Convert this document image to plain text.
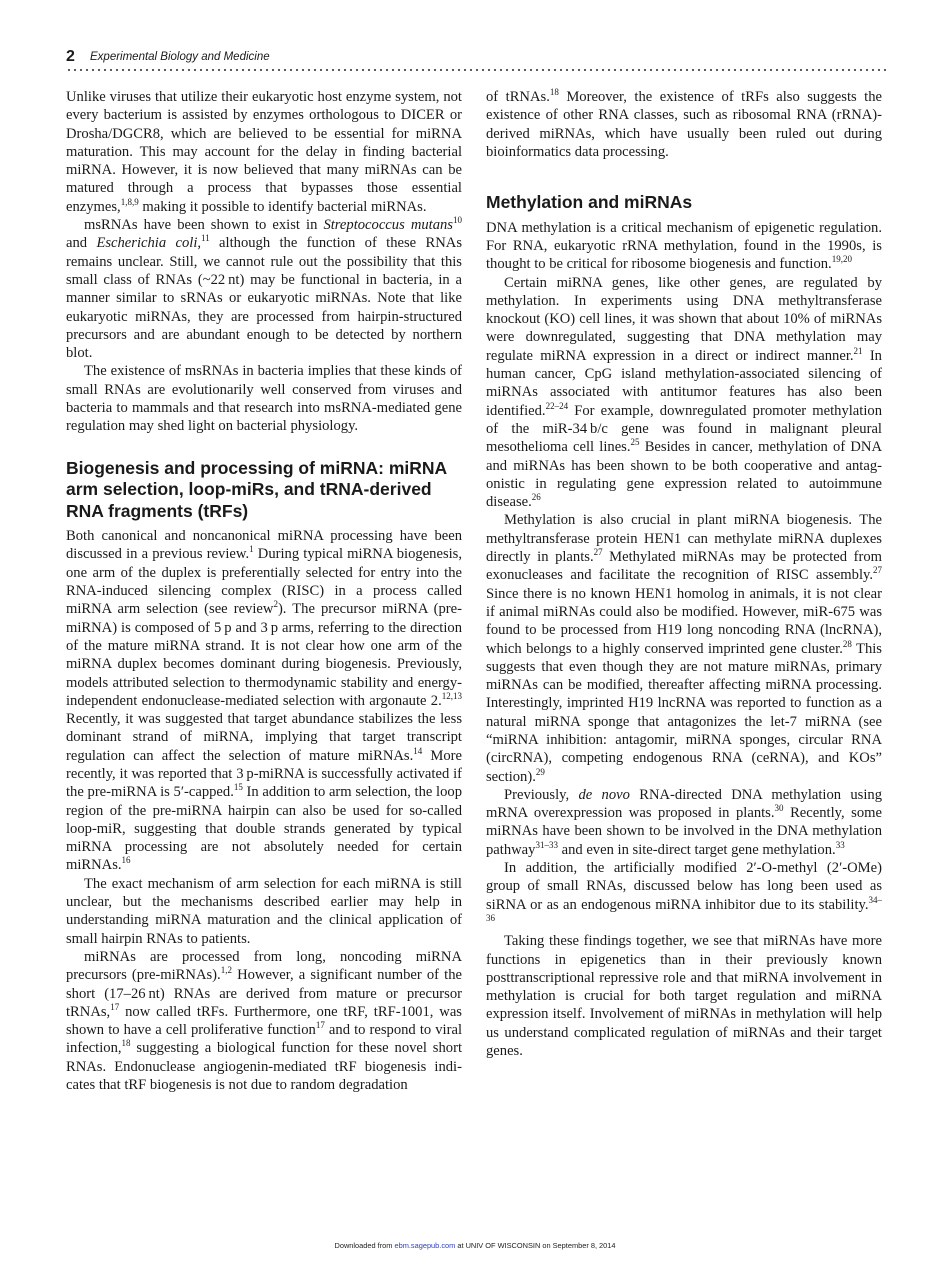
2 Experimental Biology and Medicine

Unlike viruses that utilize their eukaryotic host enzyme system, not every bacterium is assisted by enzymes orthologous to DICER or Drosha/DGCR8, which are believed to be essential for miRNA maturation. This may account for the delay in finding bacterial miRNA. However, it is now believed that many miRNAs can be matured through a process that bypasses those essential enzymes,$^{1,8,9}$ making it possible to identify bacterial miRNAs.

msRNAs have been shown to exist in Streptococcus mutans$^{10}$ and Escherichia coli,$^{11}$ although the function of these RNAs remains unclear. Still, we cannot rule out the possibility that this small class of RNAs (~22 nt) may be functional in bacteria, in a manner similar to sRNAs or eukaryotic miRNAs. Note that like eukaryotic miRNAs, they are processed from hairpin-structured precursors and are abundant enough to be detected by northern blot.

The existence of msRNAs in bacteria implies that these kinds of small RNAs are evolutionarily well conserved from viruses and bacteria to mammals and that research into msRNA-mediated gene regulation may shed light on bacterial physiology.

Biogenesis and processing of miRNA: miRNA arm selection, loop-miRs, and tRNA-derived RNA fragments (tRFs)

Both canonical and noncanonical miRNA processing have been discussed in a previous review.$^1$ During typical miRNA biogenesis, one arm of the duplex is preferentially selected for entry into the RNA-induced silencing complex (RISC) in a process called miRNA arm selection (see review$^2$). The precursor miRNA (pre-miRNA) is composed of 5 p and 3 p arms, referring to the direction of the mature miRNA strand. It is not clear how one arm of the miRNA duplex becomes dominant during biogenesis. Previously, models attributed selection to thermodynamic stability and energy-independent endonuclease-mediated selection with argonaute 2.$^{12,13}$ Recently, it was suggested that target abundance stabilizes the less dominant strand of miRNA, implying that target transcript regulation can affect the selection of mature miRNAs.$^{14}$ More recently, it was reported that 3 p-miRNA is successfully activated if the pre-miRNA is 5′-capped.$^{15}$ In addition to arm selection, the loop region of the pre-miRNA hairpin can also be used for so-called loop-miR, suggesting that double strands generated by typical miRNA processing are not absolutely needed for certain miRNAs.$^{16}$

The exact mechanism of arm selection for each miRNA is still unclear, but the mechanisms described earlier may help in understanding miRNA maturation and the clinical application of small hairpin RNAs to patients.

miRNAs are processed from long, noncoding miRNA precursors (pre-miRNAs).$^{1,2}$ However, a significant number of the short (17–26 nt) RNAs are derived from mature or precursor tRNAs,$^{17}$ now called tRFs. Furthermore, one tRF, tRF-1001, was shown to have a cell proliferative function$^{17}$ and to respond to viral infection,$^{18}$ suggesting a biological function for these novel short RNAs. Endonuclease angiogenin-mediated tRF biogenesis indicates that tRF biogenesis is not due to random degradation

of tRNAs.$^{18}$ Moreover, the existence of tRFs also suggests the existence of other RNA classes, such as ribosomal RNA (rRNA)-derived miRNAs, which have usually been ruled out during bioinformatics data processing.

Methylation and miRNAs

DNA methylation is a critical mechanism of epigenetic regulation. For RNA, eukaryotic rRNA methylation, found in the 1990s, is thought to be critical for ribosome biogenesis and function.$^{19,20}$

Certain miRNA genes, like other genes, are regulated by methylation. In experiments using DNA methyltransferase knockout (KO) cell lines, it was shown that about 10% of miRNAs were downregulated, suggesting that DNA methylation may regulate miRNA expression in a direct or indirect manner.$^{21}$ In human cancer, CpG island methylation-associated silencing of miRNAs associated with antitumor features has also been identified.$^{22-24}$ For example, downregulated promoter methylation of the miR-34 b/c gene was found in malignant pleural mesothelioma cell lines.$^{25}$ Besides in cancer, methylation of DNA and miRNAs has been shown to be both cooperative and antagonistic in regulating gene expression related to autoimmune disease.$^{26}$

Methylation is also crucial in plant miRNA biogenesis. The methyltransferase protein HEN1 can methylate miRNA duplexes directly in plants.$^{27}$ Methylated miRNAs may be protected from exonucleases and facilitate the recognition of RISC assembly.$^{27}$ Since there is no known HEN1 homolog in animals, it is not clear if animal miRNAs could also be modified. However, miR-675 was found to be processed from H19 long noncoding RNA (lncRNA), which belongs to a highly conserved imprinted gene cluster.$^{28}$ This suggests that even though they are not mature miRNAs, primary miRNAs can be modified, thereafter affecting miRNA processing. Interestingly, imprinted H19 lncRNA was reported to function as a natural miRNA sponge that antagonizes the let-7 miRNA (see “miRNA inhibition: antagomir, miRNA sponges, circular RNA (circRNA), competing endogenous RNA (ceRNA), and KOs” section).$^{29}$

Previously, de novo RNA-directed DNA methylation using mRNA overexpression was proposed in plants.$^{30}$ Recently, some miRNAs have been shown to be involved in the DNA methylation pathway$^{31-33}$ and even in site-direct target gene methylation.$^{33}$

In addition, the artificially modified 2′-O-methyl (2′-OMe) group of small RNAs, discussed below has long been used as siRNA or as an endogenous miRNA inhibitor due to its stability.$^{34-36}$

Taking these findings together, we see that miRNAs have more functions in epigenetics than in their previously known posttranscriptional repressive role and that miRNA involvement in methylation is crucial for both target regulation and miRNA expression itself. Involvement of miRNAs in methylation will help us understand complicated regulation of miRNAs and their target genes.

Downloaded from ebm.sagepub.com at UNIV OF WISCONSIN on September 8, 2014
